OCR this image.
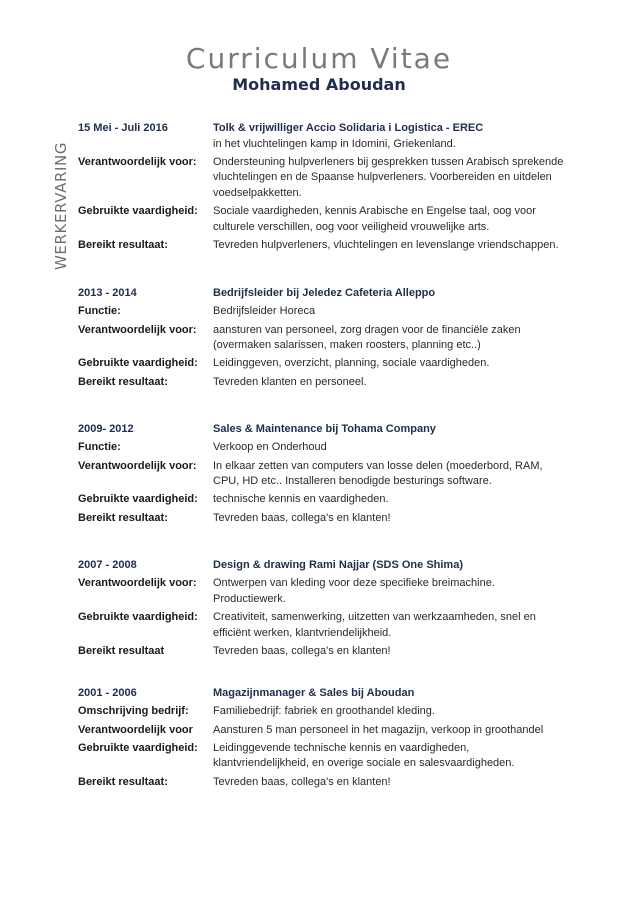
Curriculum Vitae
Mohamed Aboudan
WERKERVARING
15 Mei - Juli 2016	Tolk & vrijwilliger Accio Solidaria i Logistica - EREC
in het vluchtelingen kamp in Idomini, Griekenland.
Verantwoordelijk voor:	Ondersteuning hulpverleners bij gesprekken tussen Arabisch sprekende vluchtelingen en de Spaanse hulpverleners. Voorbereiden en uitdelen voedselpakketten.
Gebruikte vaardigheid:	Sociale vaardigheden, kennis Arabische en Engelse taal, oog voor culturele verschillen, oog voor veiligheid vrouwelijke arts.
Bereikt resultaat:	Tevreden hulpverleners, vluchtelingen en levenslange vriendschappen.
2013 - 2014	Bedrijfsleider bij Jeledez Cafeteria Alleppo
Functie:	Bedrijfsleider Horeca
Verantwoordelijk voor:	aansturen van personeel, zorg dragen voor de financiële zaken (overmaken salarissen, maken roosters, planning etc..)
Gebruikte vaardigheid:	Leidinggeven, overzicht, planning, sociale vaardigheden.
Bereikt resultaat:	Tevreden klanten en personeel.
2009- 2012	Sales & Maintenance bij Tohama Company
Functie:	Verkoop en Onderhoud
Verantwoordelijk voor:	In elkaar zetten van computers van losse delen (moederbord, RAM, CPU, HD etc.. Installeren benodigde besturings software.
Gebruikte vaardigheid:	technische kennis en vaardigheden.
Bereikt resultaat:	Tevreden baas, collega's en klanten!
2007 - 2008	Design & drawing Rami Najjar (SDS One Shima)
Verantwoordelijk voor:	Ontwerpen van kleding voor deze specifieke breimachine. Productiewerk.
Gebruikte vaardigheid:	Creativiteit, samenwerking, uitzetten van werkzaamheden, snel en efficiënt werken, klantvriendelijkheid.
Bereikt resultaat	Tevreden baas, collega's en klanten!
2001 - 2006	Magazijnmanager & Sales bij Aboudan
Omschrijving bedrijf:	Familiebedrijf: fabriek en groothandel kleding.
Verantwoordelijk voor	Aansturen 5 man personeel in het magazijn, verkoop in groothandel
Gebruikte vaardigheid:	Leidinggevende technische kennis en vaardigheden, klantvriendelijkheid, en overige sociale en salesvaardigheden.
Bereikt resultaat:	Tevreden baas, collega's en klanten!
